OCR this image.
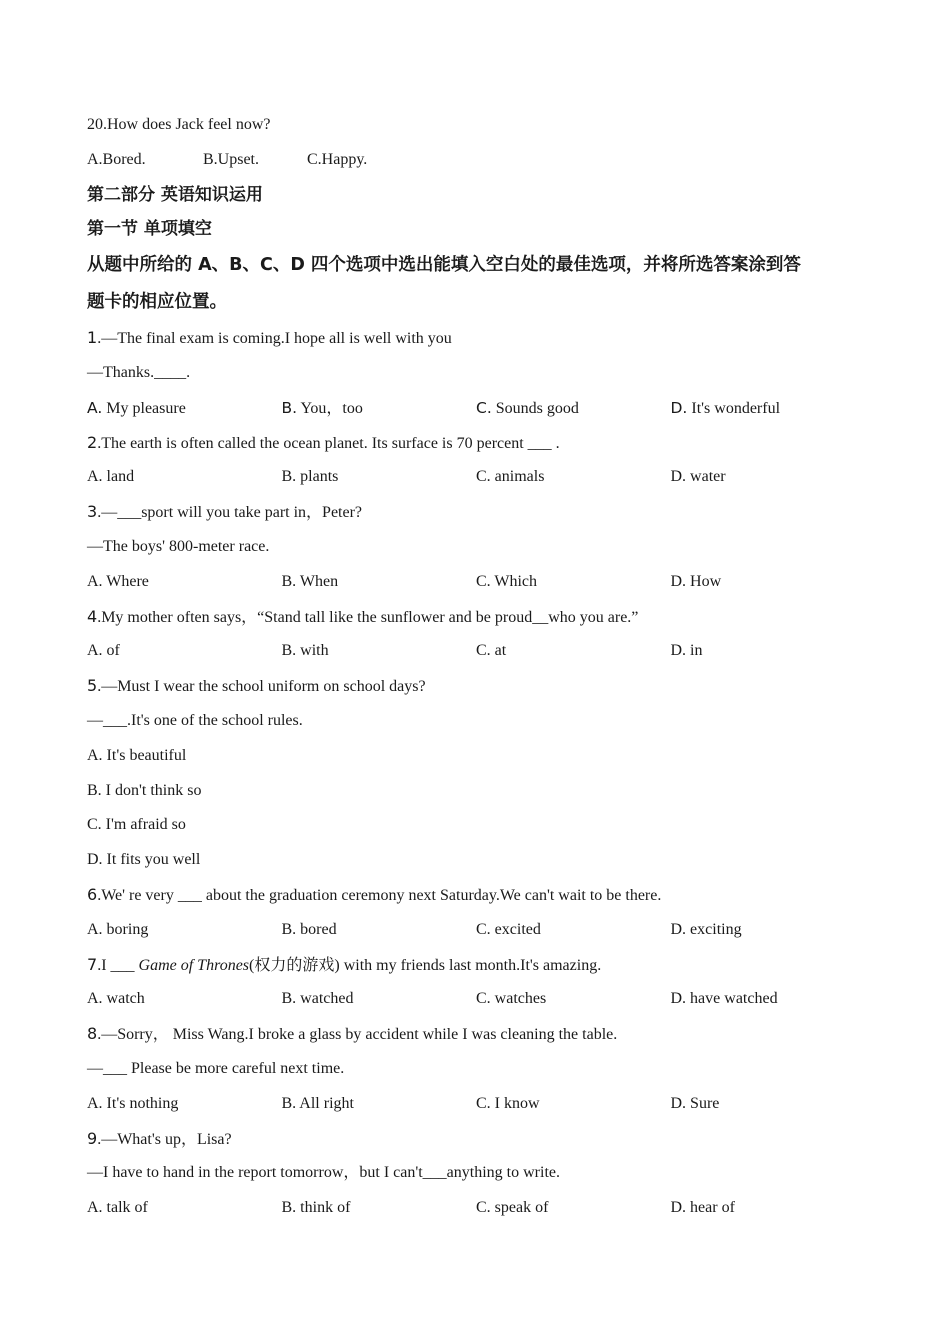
20.How does Jack feel now?
A.Bored.	B.Upset.	C.Happy.
第二部分 英语知识运用
第一节 单项填空
从题中所给的 A、B、C、D 四个选项中选出能填入空白处的最佳选项，并将所选答案涂到答
题卡的相应位置。
1.—The final exam is coming.I hope all is well with you
—Thanks.____.
A. My pleasure	B. You，too	C. Sounds good	D. It's wonderful
2.The earth is often called the ocean planet. Its surface is 70 percent ___ .
A. land	B. plants	C. animals	D. water
3.—___sport will you take part in，Peter?
—The boys' 800-meter race.
A. Where	B. When	C. Which	D. How
4.My mother often says，“Stand tall like the sunflower and be proud__who you are.”
A. of	B. with	C. at	D. in
5.—Must I wear the school uniform on school days?
—___.It's one of the school rules.
A. It's beautiful
B. I don't think so
C. I'm afraid so
D. It fits you well
6.We' re very ___ about the graduation ceremony next Saturday.We can't wait to be there.
A. boring	B. bored	C. excited	D. exciting
7.I ___ Game of Thrones(权力的游戏) with my friends last month.It's amazing.
A. watch	B. watched	C. watches	D. have watched
8.—Sorry， Miss Wang.I broke a glass by accident while I was cleaning the table.
—___ Please be more careful next time.
A. It's nothing	B. All right	C. I know	D. Sure
9.—What's up，Lisa?
—I have to hand in the report tomorrow，but I can't___anything to write.
A. talk of	B. think of	C. speak of	D. hear of
